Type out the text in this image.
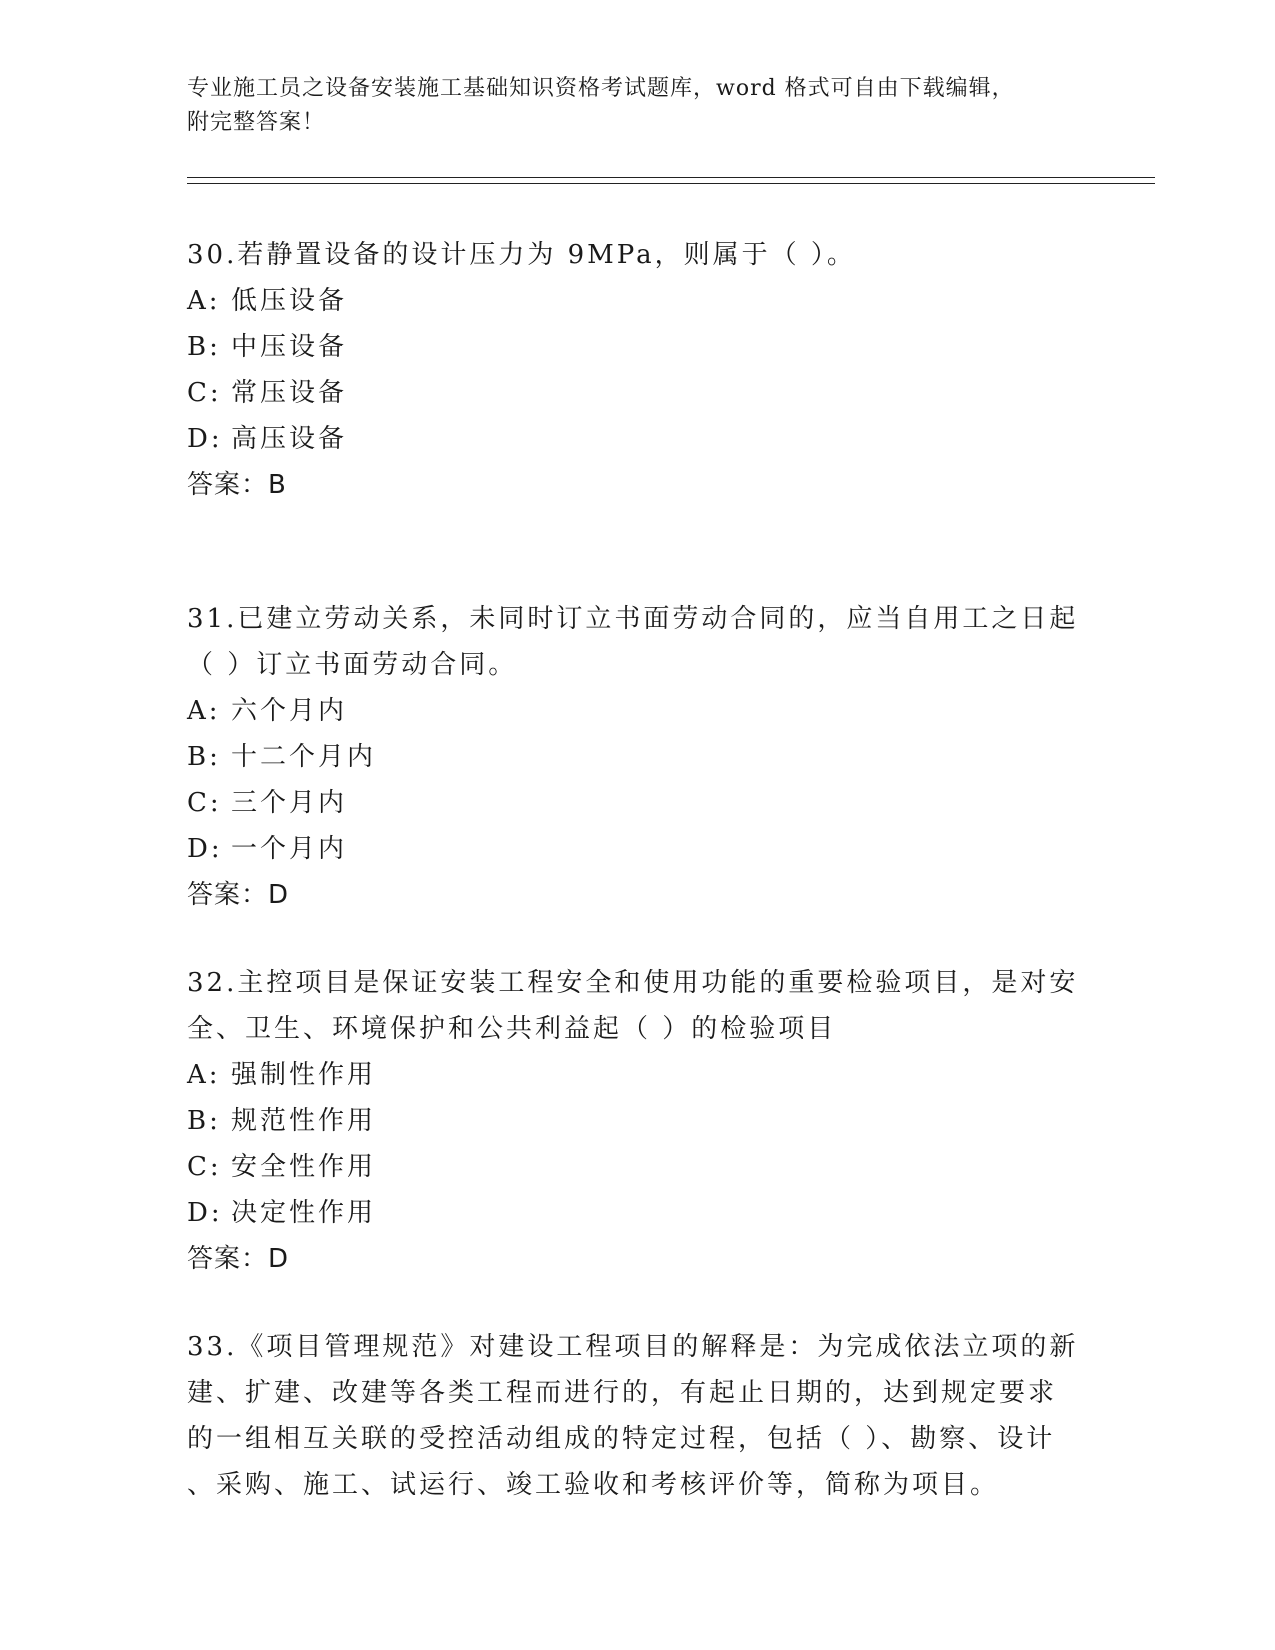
专业施工员之设备安装施工基础知识资格考试题库，word 格式可自由下载编辑，
附完整答案！
30.若静置设备的设计压力为 9MPa，则属于（ ）。
A: 低压设备
B: 中压设备
C: 常压设备
D: 高压设备
答案：B
31.已建立劳动关系，未同时订立书面劳动合同的，应当自用工之日起
（ ）订立书面劳动合同。
A: 六个月内
B: 十二个月内
C: 三个月内
D: 一个月内
答案：D
32.主控项目是保证安装工程安全和使用功能的重要检验项目，是对安
全、卫生、环境保护和公共利益起（ ）的检验项目
A: 强制性作用
B: 规范性作用
C: 安全性作用
D: 决定性作用
答案：D
33.《项目管理规范》对建设工程项目的解释是：为完成依法立项的新
建、扩建、改建等各类工程而进行的，有起止日期的，达到规定要求
的一组相互关联的受控活动组成的特定过程，包括（ ）、勘察、设计
、采购、施工、试运行、竣工验收和考核评价等，简称为项目。
